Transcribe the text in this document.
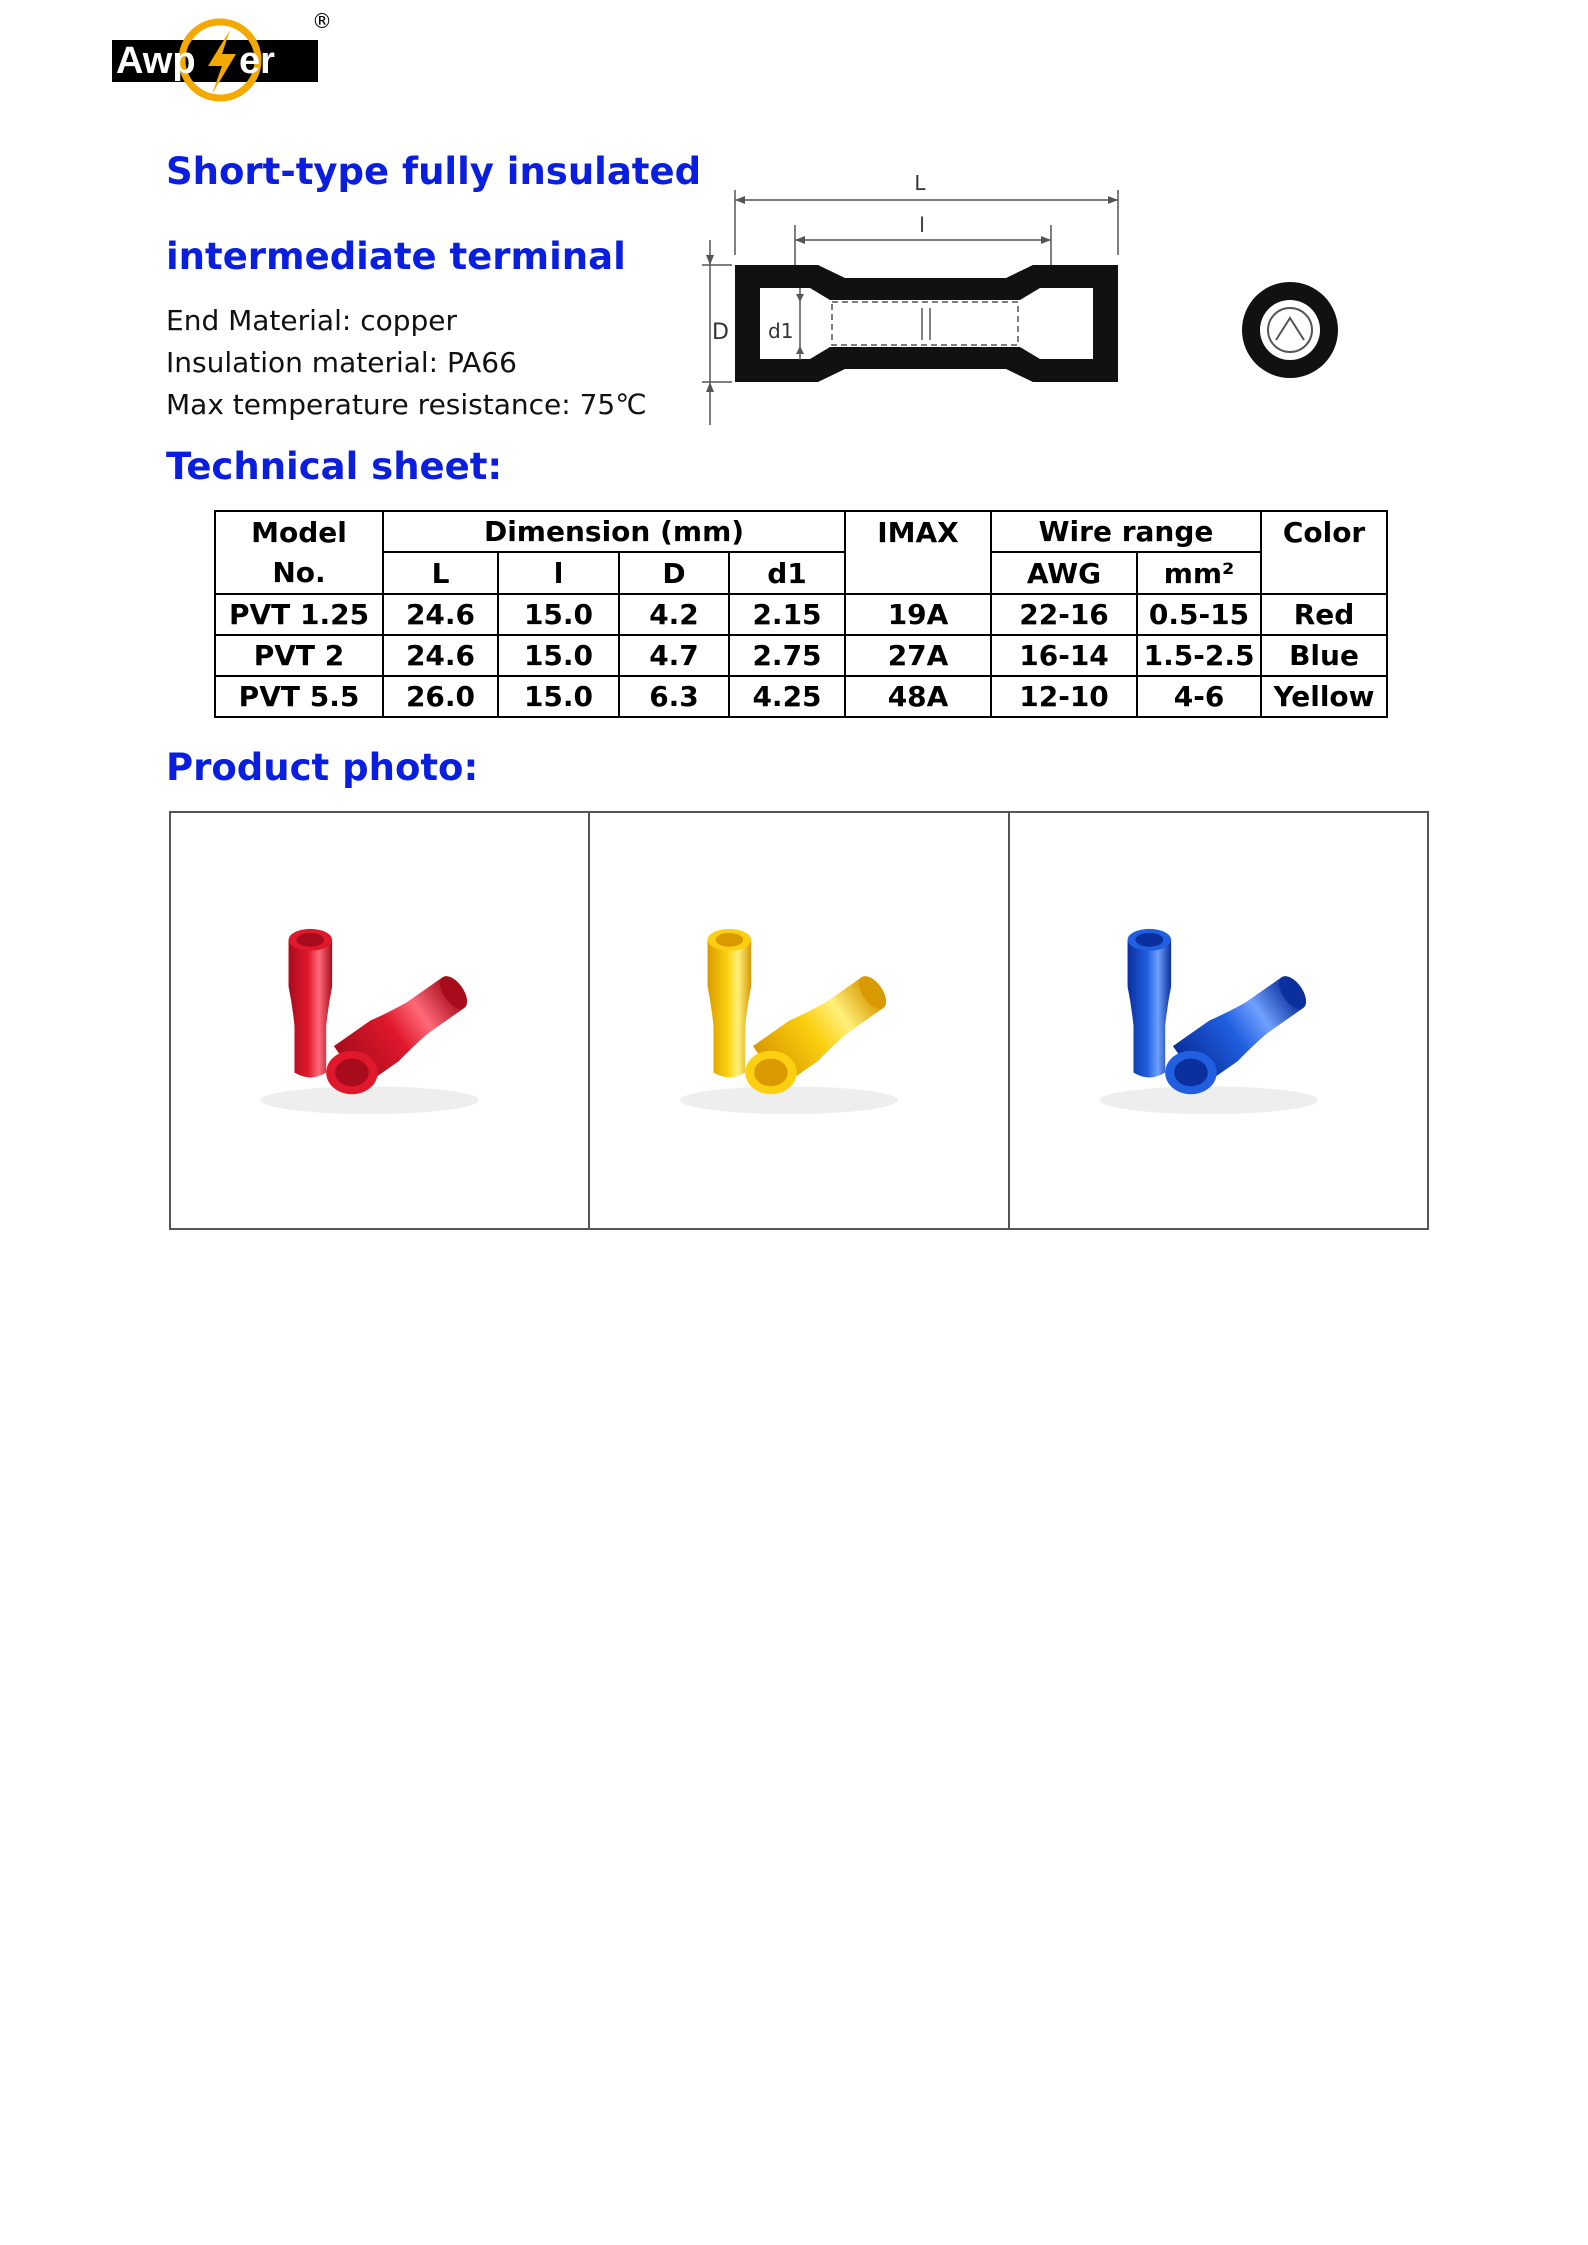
Awp er
®
Short-type fully insulated
intermediate terminal
End Material: copper
Insulation material: PA66
Max temperature resistance: 75℃
L
l
D d1
Technical sheet:
Model	Dimension (mm)				IMAX	Wire range		Color
No.	L	l	D	d1		AWG	mm²	
PVT 1.25	24.6	15.0	4.2	2.15	19A	22-16	0.5-15	Red
PVT 2	24.6	15.0	4.7	2.75	27A	16-14	1.5-2.5	Blue
PVT 5.5	26.0	15.0	6.3	4.25	48A	12-10	4-6	Yellow
Product photo:
